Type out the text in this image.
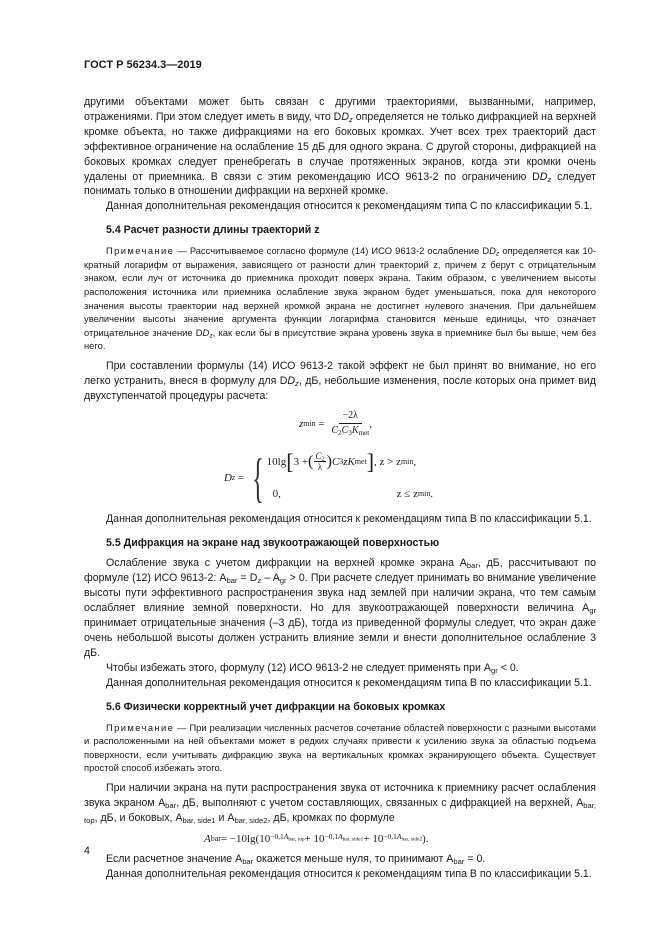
ГОСТ Р 56234.3—2019

другими объектами может быть связан с другими траекториями, вызванными, например, отражениями. При этом следует иметь в виду, что $DD_z$ определяется не только дифракцией на верхней кромке объекта, но также дифракциями на его боковых кромках. Учет всех трех траекторий даст эффективное ограничение на ослабление 15 дБ для одного экрана. С другой стороны, дифракцией на боковых кромках следует пренебрегать в случае протяженных экранов, когда эти кромки очень удалены от приемника. В связи с этим рекомендацию ИСО 9613-2 по ограничению $DD_z$ следует понимать только в отношении дифракции на верхней кромке.

Данная дополнительная рекомендация относится к рекомендациям типа С по классификации 5.1.

5.4 Расчет разности длины траекторий z

Примечание — Рассчитываемое согласно формуле (14) ИСО 9613-2 ослабление $DD_z$ определяется как 10-кратный логарифм от выражения, зависящего от разности длин траекторий z, причем z берут с отрицательным знаком, если луч от источника до приемника проходит поверх экрана. Таким образом, с увеличением высоты расположения источника или приемника ослабление звука экраном будет уменьшаться, пока для некоторого значения высоты траектории над верхней кромкой экрана не достигнет нулевого значения. При дальнейшем увеличении высоты значение аргумента функции логарифма становится меньше единицы, что означает отрицательное значение $DD_z$, как если бы в присутствие экрана уровень звука в приемнике был бы выше, чем без него.

При составлении формулы (14) ИСО 9613-2 такой эффект не был принят во внимание, но его легко устранить, внеся в формулу для $DD_z$, дБ, небольшие изменения, после которых она примет вид двухступенчатой процедуры расчета:

z $\min = \frac{-2\lambda}{C_2C_3K_{met}}$ ,
D z = { 10lg [ 3 + ( $\frac{C_2}{\lambda}$ ) C 3 z K met ] , z > z min ,
0,	z ≤ z min .

Данная дополнительная рекомендация относится к рекомендациям типа В по классификации 5.1.

5.5 Дифракция на экране над звукоотражающей поверхностью

Ослабление звука с учетом дифракции на верхней кромке экрана $A_{bar}$, дБ, рассчитывают по формуле (12) ИСО 9613-2: $A_{bar} = D_z - A_{gr} > 0$. При расчете следует принимать во внимание увеличение высоты пути эффективного распространения звука над землей при наличии экрана, что тем самым ослабляет влияние земной поверхности. Но для звукоотражающей поверхности величина $A_{gr}$ принимает отрицательные значения (–3 дБ), тогда из приведенной формулы следует, что экран даже очень небольшой высоты должен устранить влияние земли и внести дополнительное ослабление 3 дБ.

Чтобы избежать этого, формулу (12) ИСО 9613-2 не следует применять при $A_{gr} < 0$.

Данная дополнительная рекомендация относится к рекомендациям типа В по классификации 5.1.

5.6 Физически корректный учет дифракции на боковых кромках

Примечание — При реализации численных расчетов сочетание областей поверхности с разными высотами и расположенными на ней объектами может в редких случаях привести к усилению звука за областью подъема поверхности, если учитывать дифракцию звука на вертикальных кромках экранирующего объекта. Существует простой способ избежать этого.

При наличии экрана на пути распространения звука от источника к приемнику расчет ослабления звука экраном $A_{bar}$, дБ, выполняют с учетом составляющих, связанных с дифракцией на верхней, $A_{bar, top}$, дБ, и боковых, $A_{bar, side1}$ и $A_{bar, side2}$, дБ, кромках по формуле

A bar = $-10\lg(10 -0,1A_{bar, top} + 10 -0,1A_{bar, side1} + 10 -0,1A_{bar, side2}$ ).

Если расчетное значение $A_{bar}$ окажется меньше нуля, то принимают $A_{bar} = 0$.

Данная дополнительная рекомендация относится к рекомендациям типа В по классификации 5.1.

4
